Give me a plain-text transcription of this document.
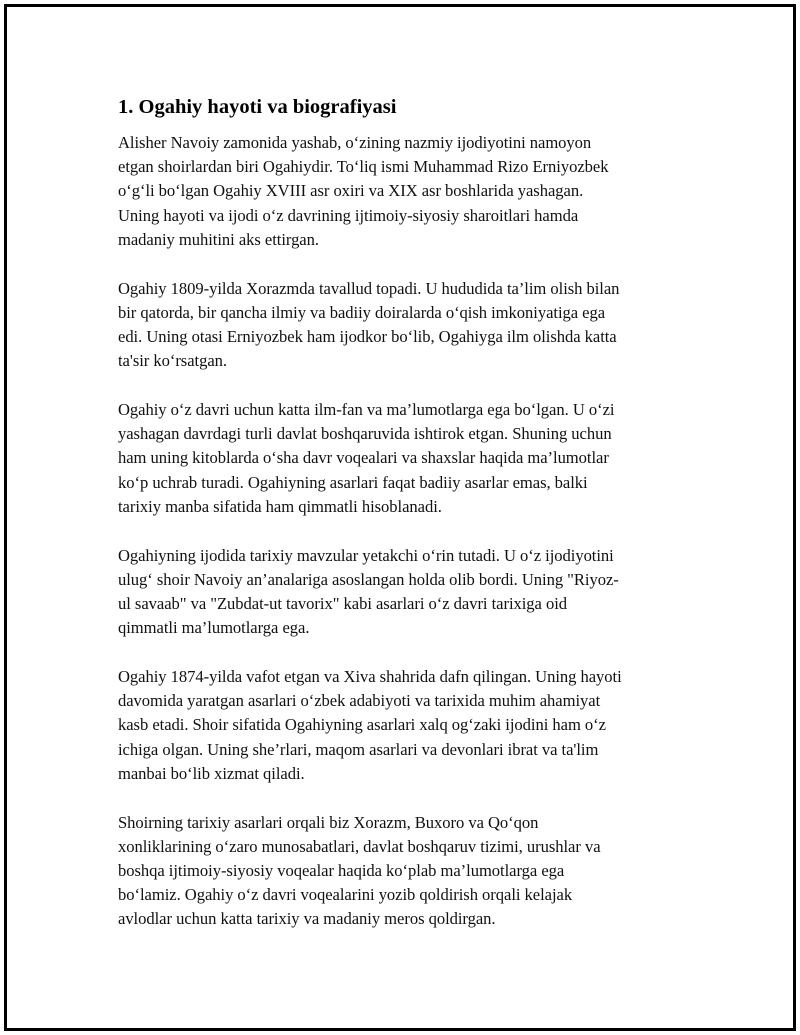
1. Ogahiy hayoti va biografiyasi
Alisher Navoiy zamonida yashab, o‘zining nazmiy ijodiyotini namoyon
etgan shoirlardan biri Ogahiydir. To‘liq ismi Muhammad Rizo Erniyozbek
o‘g‘li bo‘lgan Ogahiy XVIII asr oxiri va XIX asr boshlarida yashagan.
Uning hayoti va ijodi o‘z davrining ijtimoiy-siyosiy sharoitlari hamda
madaniy muhitini aks ettirgan.
Ogahiy 1809-yilda Xorazmda tavallud topadi. U hududida ta’lim olish bilan
bir qatorda, bir qancha ilmiy va badiiy doiralarda o‘qish imkoniyatiga ega
edi. Uning otasi Erniyozbek ham ijodkor bo‘lib, Ogahiyga ilm olishda katta
ta'sir ko‘rsatgan.
Ogahiy o‘z davri uchun katta ilm-fan va ma’lumotlarga ega bo‘lgan. U o‘zi
yashagan davrdagi turli davlat boshqaruvida ishtirok etgan. Shuning uchun
ham uning kitoblarda o‘sha davr voqealari va shaxslar haqida ma’lumotlar
ko‘p uchrab turadi. Ogahiyning asarlari faqat badiiy asarlar emas, balki
tarixiy manba sifatida ham qimmatli hisoblanadi.
Ogahiyning ijodida tarixiy mavzular yetakchi o‘rin tutadi. U o‘z ijodiyotini
ulug‘ shoir Navoiy an’analariga asoslangan holda olib bordi. Uning "Riyoz-
ul savaab" va "Zubdat-ut tavorix" kabi asarlari o‘z davri tarixiga oid
qimmatli ma’lumotlarga ega.
Ogahiy 1874-yilda vafot etgan va Xiva shahrida dafn qilingan. Uning hayoti
davomida yaratgan asarlari o‘zbek adabiyoti va tarixida muhim ahamiyat
kasb etadi. Shoir sifatida Ogahiyning asarlari xalq og‘zaki ijodini ham o‘z
ichiga olgan. Uning she’rlari, maqom asarlari va devonlari ibrat va ta'lim
manbai bo‘lib xizmat qiladi.
Shoirning tarixiy asarlari orqali biz Xorazm, Buxoro va Qo‘qon
xonliklarining o‘zaro munosabatlari, davlat boshqaruv tizimi, urushlar va
boshqa ijtimoiy-siyosiy voqealar haqida ko‘plab ma’lumotlarga ega
bo‘lamiz. Ogahiy o‘z davri voqealarini yozib qoldirish orqali kelajak
avlodlar uchun katta tarixiy va madaniy meros qoldirgan.
